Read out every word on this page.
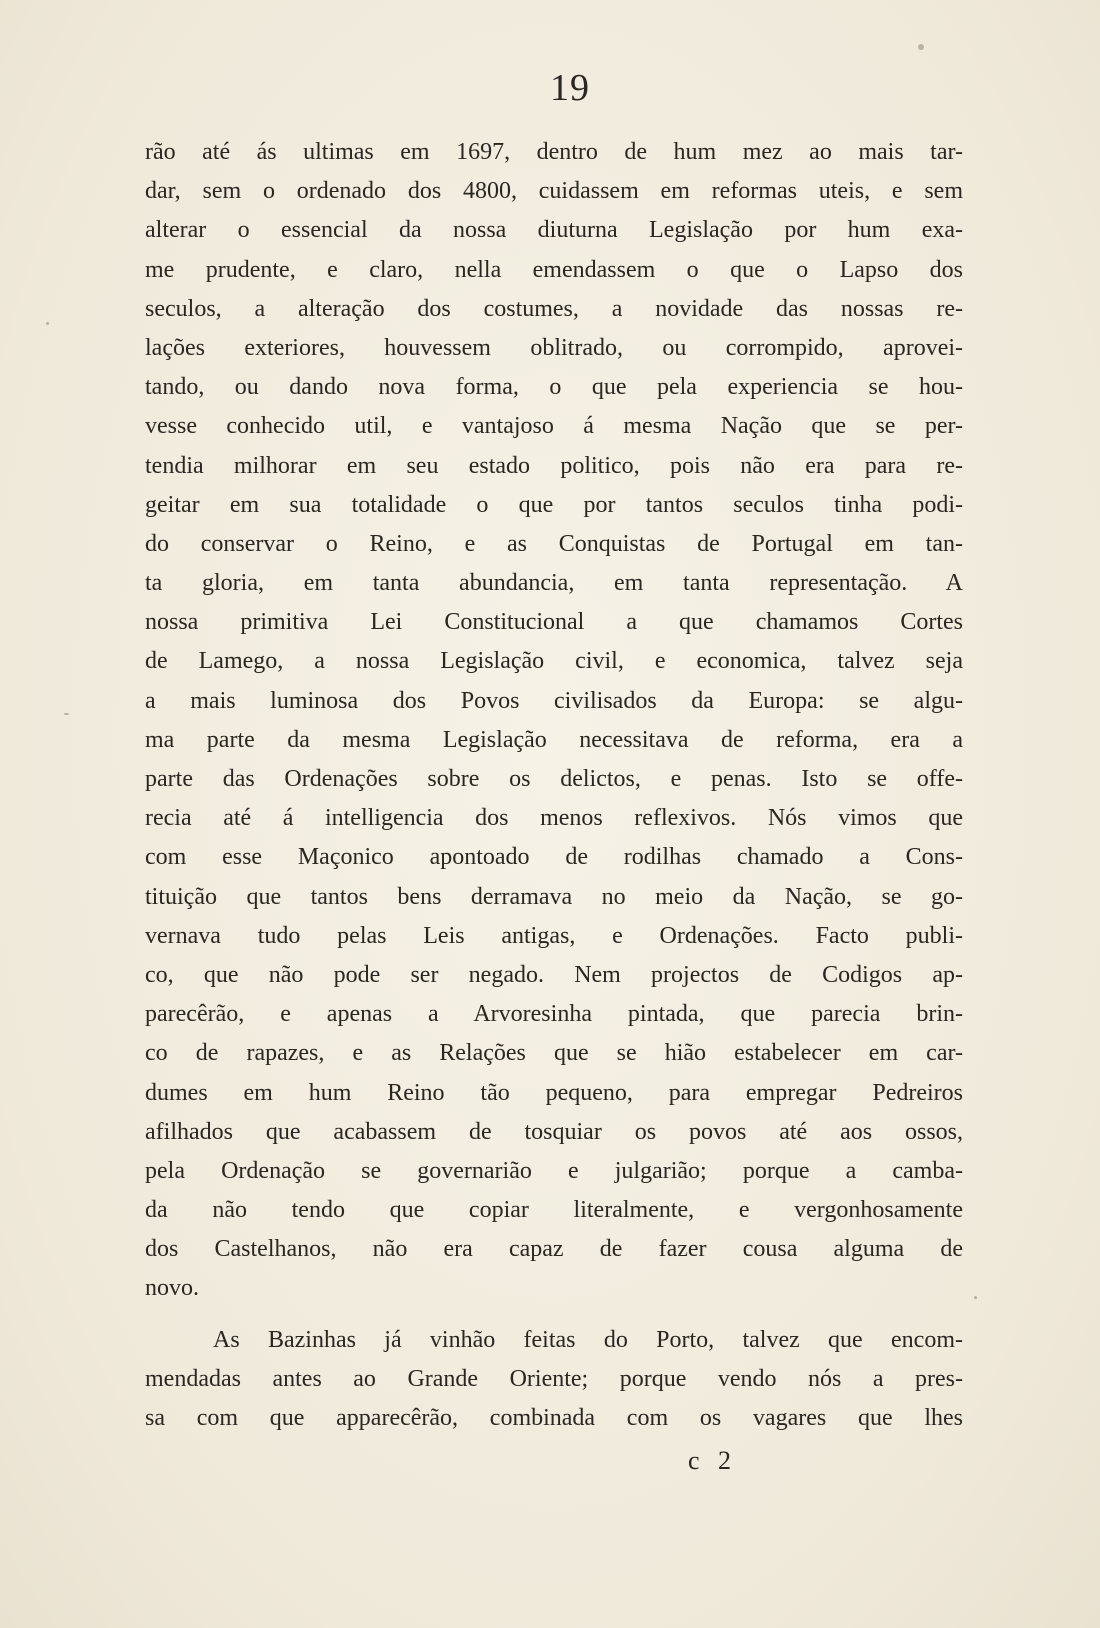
19
rão até ás ultimas em 1697, dentro de hum mez ao mais tar-
dar, sem o ordenado dos 4800, cuidassem em reformas uteis, e sem
alterar o essencial da nossa diuturna Legislação por hum exa-
me prudente, e claro, nella emendassem o que o Lapso dos
seculos, a alteração dos costumes, a novidade das nossas re-
lações exteriores, houvessem oblitrado, ou corrompido, aprovei-
tando, ou dando nova forma, o que pela experiencia se hou-
vesse conhecido util, e vantajoso á mesma Nação que se per-
tendia milhorar em seu estado politico, pois não era para re-
geitar em sua totalidade o que por tantos seculos tinha podi-
do conservar o Reino, e as Conquistas de Portugal em tan-
ta gloria, em tanta abundancia, em tanta representação. A
nossa primitiva Lei Constitucional a que chamamos Cortes
de Lamego, a nossa Legislação civil, e economica, talvez seja
a mais luminosa dos Povos civilisados da Europa: se algu-
ma parte da mesma Legislação necessitava de reforma, era a
parte das Ordenações sobre os delictos, e penas. Isto se offe-
recia até á intelligencia dos menos reflexivos. Nós vimos que
com esse Maçonico apontoado de rodilhas chamado a Cons-
tituição que tantos bens derramava no meio da Nação, se go-
vernava tudo pelas Leis antigas, e Ordenações. Facto publi-
co, que não pode ser negado. Nem projectos de Codigos ap-
parecêrão, e apenas a Arvoresinha pintada, que parecia brin-
co de rapazes, e as Relações que se hião estabelecer em car-
dumes em hum Reino tão pequeno, para empregar Pedreiros
afilhados que acabassem de tosquiar os povos até aos ossos,
pela Ordenação se governarião e julgarião; porque a camba-
da não tendo que copiar literalmente, e vergonhosamente
dos Castelhanos, não era capaz de fazer cousa alguma de
novo.
As Bazinhas já vinhão feitas do Porto, talvez que encom-
mendadas antes ao Grande Oriente; porque vendo nós a pres-
sa com que apparecêrão, combinada com os vagares que lhes
c 2
